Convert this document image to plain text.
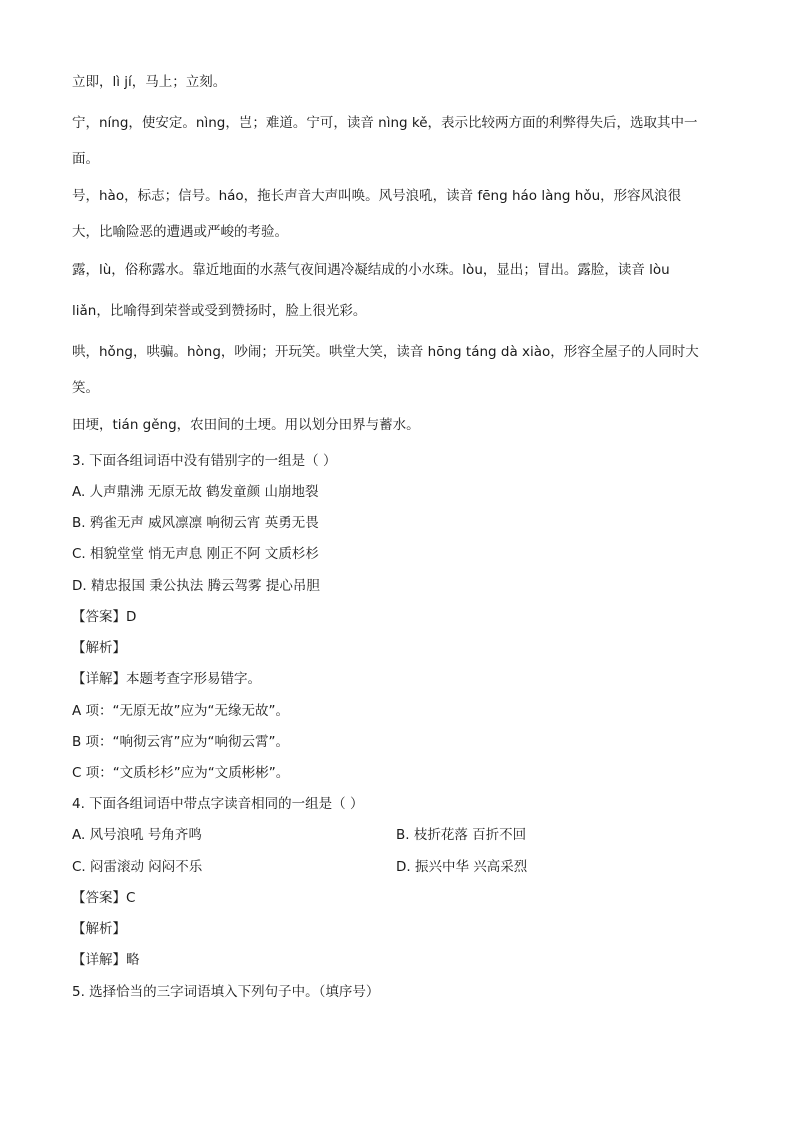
立即，lì jí，马上；立刻。
宁，níng，使安定。nìng，岂；难道。宁可，读音 nìng kě，表示比较两方面的利弊得失后，选取其中一
面。
号，hào，标志；信号。háo，拖长声音大声叫唤。风号浪吼，读音 fēng háo làng hǒu，形容风浪很
大，比喻险恶的遭遇或严峻的考验。
露，lù，俗称露水。靠近地面的水蒸气夜间遇冷凝结成的小水珠。lòu，显出；冒出。露脸，读音 lòu
liǎn，比喻得到荣誉或受到赞扬时，脸上很光彩。
哄，hǒng，哄骗。hòng，吵闹；开玩笑。哄堂大笑，读音 hōng táng dà xiào，形容全屋子的人同时大
笑。
田埂，tián gěng，农田间的土埂。用以划分田界与蓄水。
3. 下面各组词语中没有错别字的一组是（ ）
A. 人声鼎沸 无原无故 鹤发童颜 山崩地裂
B. 鸦雀无声 威风凛凛 响彻云宵 英勇无畏
C. 相貌堂堂 悄无声息 刚正不阿 文质杉杉
D. 精忠报国 秉公执法 腾云驾雾 提心吊胆
【答案】D
【解析】
【详解】本题考查字形易错字。
A 项：“无原无故”应为“无缘无故”。
B 项：“响彻云宵”应为“响彻云霄”。
C 项：“文质杉杉”应为“文质彬彬”。
4. 下面各组词语中带点字读音相同的一组是（ ）
A. 风号浪吼 号角齐鸣	B. 枝折花落 百折不回
C. 闷雷滚动 闷闷不乐	D. 振兴中华 兴高采烈
【答案】C
【解析】
【详解】略
5. 选择恰当的三字词语填入下列句子中。（填序号）
